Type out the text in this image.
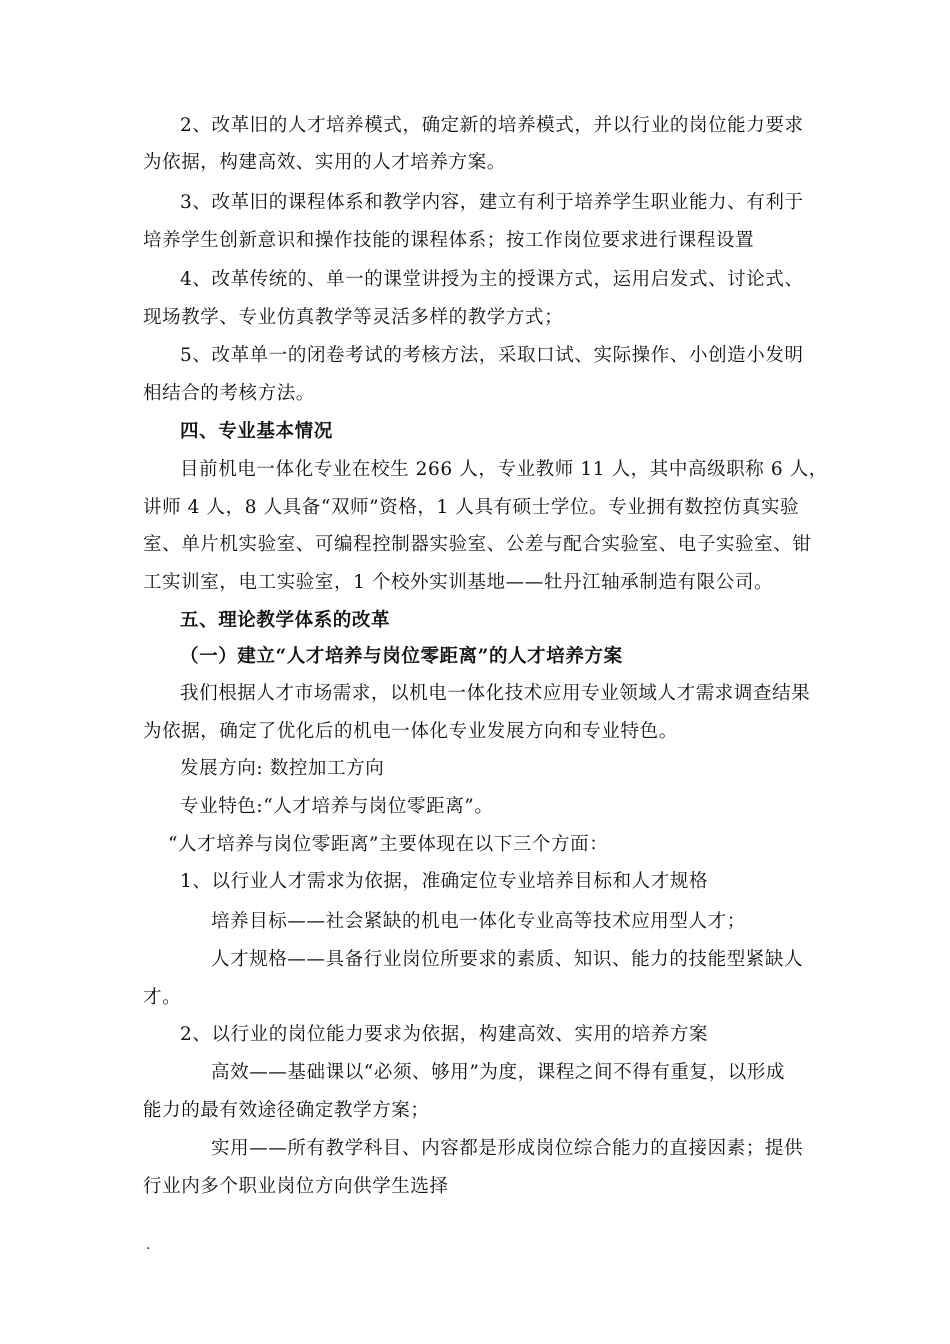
2、改革旧的人才培养模式，确定新的培养模式，并以行业的岗位能力要求
为依据，构建高效、实用的人才培养方案。
3、改革旧的课程体系和教学内容，建立有利于培养学生职业能力、有利于
培养学生创新意识和操作技能的课程体系；按工作岗位要求进行课程设置
4、改革传统的、单一的课堂讲授为主的授课方式，运用启发式、讨论式、
现场教学、专业仿真教学等灵活多样的教学方式；
5、改革单一的闭卷考试的考核方法，采取口试、实际操作、小创造小发明
相结合的考核方法。
四、专业基本情况
目前机电一体化专业在校生 266 人，专业教师 11 人，其中高级职称 6 人，
讲师 4 人，8 人具备“双师”资格，1 人具有硕士学位。专业拥有数控仿真实验
室、单片机实验室、可编程控制器实验室、公差与配合实验室、电子实验室、钳
工实训室，电工实验室，1 个校外实训基地——牡丹江轴承制造有限公司。
五、理论教学体系的改革
（一）建立“人才培养与岗位零距离”的人才培养方案
我们根据人才市场需求，以机电一体化技术应用专业领域人才需求调查结果
为依据，确定了优化后的机电一体化专业发展方向和专业特色。
发展方向: 数控加工方向
专业特色:“人才培养与岗位零距离”。
“人才培养与岗位零距离”主要体现在以下三个方面：
1、以行业人才需求为依据，准确定位专业培养目标和人才规格
培养目标——社会紧缺的机电一体化专业高等技术应用型人才；
人才规格——具备行业岗位所要求的素质、知识、能力的技能型紧缺人
才。
2、以行业的岗位能力要求为依据，构建高效、实用的培养方案
高效——基础课以“必须、够用”为度，课程之间不得有重复，以形成
能力的最有效途径确定教学方案；
实用——所有教学科目、内容都是形成岗位综合能力的直接因素；提供
行业内多个职业岗位方向供学生选择
.
